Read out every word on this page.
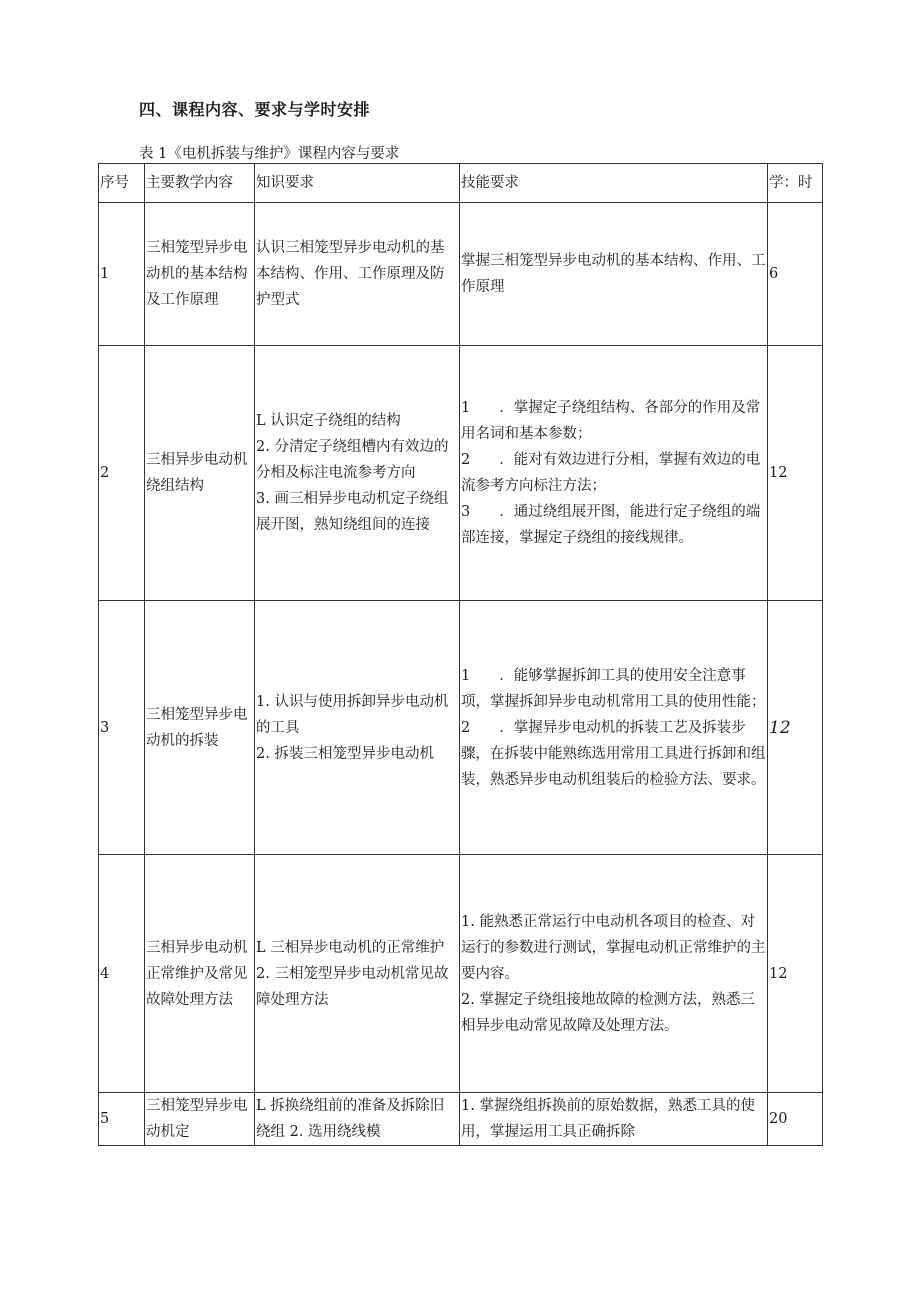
四、课程内容、要求与学时安排

表 1《电机拆装与维护》课程内容与要求

序号	主要教学内容	知识要求	技能要求	学：时
1	三相笼型异步电动机的基本结构及工作原理	认识三相笼型异步电动机的基本结构、作用、工作原理及防护型式	掌握三相笼型异步电动机的基本结构、作用、工作原理	6
2	三相异步电动机绕组结构	L 认识定子绕组的结构
2. 分清定子绕组槽内有效边的分相及标注电流参考方向
3. 画三相异步电动机定子绕组展开图，熟知绕组间的连接	1　　．掌握定子绕组结构、各部分的作用及常用名词和基本参数；
2　　．能对有效边进行分相，掌握有效边的电流参考方向标注方法；
3　　．通过绕组展开图，能进行定子绕组的端部连接，掌握定子绕组的接线规律。	12
3	三相笼型异步电动机的拆装	1. 认识与使用拆卸异步电动机的工具
2. 拆装三相笼型异步电动机	1　　．能够掌握拆卸工具的使用安全注意事项，掌握拆卸异步电动机常用工具的使用性能；
2　　．掌握异步电动机的拆装工艺及拆装步骤，在拆装中能熟练选用常用工具进行拆卸和组装，熟悉异步电动机组装后的检验方法、要求。	12
4	三相异步电动机正常维护及常见故障处理方法	L 三相异步电动机的正常维护
2. 三相笼型异步电动机常见故障处理方法	1. 能熟悉正常运行中电动机各项目的检查、对运行的参数进行测试，掌握电动机正常维护的主要内容。
2. 掌握定子绕组接地故障的检测方法，熟悉三相异步电动常见故障及处理方法。	12
5	三相笼型异步电动机定	L 拆换绕组前的准备及拆除旧绕组 2. 选用绕线模	1. 掌握绕组拆换前的原始数据，熟悉工具的使用，掌握运用工具正确拆除	20
